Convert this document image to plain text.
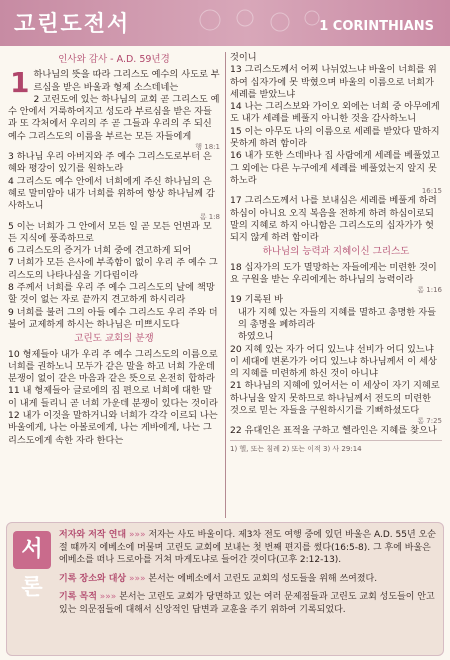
고린도전서	1 CORINTHIANS
인사와 감사 - A.D. 59년경
1 하나님의 뜻을 따라 그리스도 예수의 사도로 부르심을 받은 바울과 형제 소스데네는
2 고린도에 있는 하나님의 교회 곧 그리스도 예수 안에서 거룩하여지고 성도라 부르심을 받은 자들과 또 각처에서 우리의 주 곧 그들과 우리의 주 되신 예수 그리스도의 이름을 부르는 모든 자들에게
행 18:1
3 하나님 우리 아버지와 주 예수 그리스도로부터 은혜와 평강이 있기를 원하노라
4 그리스도 예수 안에서 너희에게 주신 하나님의 은혜로 말미암아 내가 너희를 위하여 항상 하나님께 감사하노니
롬 1:8
5 이는 너희가 그 안에서 모든 일 곧 모든 언변과 모든 지식에 풍족하므로
6 그리스도의 증거가 너희 중에 견고하게 되어
7 너희가 모든 은사에 부족함이 없이 우리 주 예수 그리스도의 나타나심을 기다림이라
8 주께서 너희를 우리 주 예수 그리스도의 날에 책망할 것이 없는 자로 끝까지 견고하게 하시리라
9 너희를 불러 그의 아들 예수 그리스도 우리 주와 더불어 교제하게 하시는 하나님은 미쁘시도다
고린도 교회의 분쟁
10 형제들아 내가 우리 주 예수 그리스도의 이름으로 너희를 권하노니 모두가 같은 말을 하고 너희 가운데 분쟁이 없이 같은 마음과 같은 뜻으로 온전히 합하라
11 내 형제들아 글로에의 집 편으로 너희에 대한 말이 내게 들리니 곧 너희 가운데 분쟁이 있다는 것이라
12 내가 이것을 말하거니와 너희가 각각 이르되 나는 바울에게, 나는 아볼로에게, 나는 게바에게, 나는 그리스도에게 속한 자라 한다는
것이니
13 그리스도께서 어찌 나뉘었느냐 바울이 너희를 위하여 십자가에 못 박혔으며 바울의 이름으로 너희가 세례를 받았느냐
14 나는 그리스보와 가이오 외에는 너희 중 아무에게도 내가 세례를 베풀지 아니한 것을 감사하노니
15 이는 아무도 나의 이름으로 세례를 받았다 말하지 못하게 하려 함이라
16 내가 또한 스데바나 집 사람에게 세례를 베풀었고 그 외에는 다른 누구에게 세례를 베풀었는지 알지 못하노라
16:15
17 그리스도께서 나를 보내심은 세례를 베풀게 하려 하심이 아니요 오직 복음을 전하게 하려 하심이로되 말의 지혜로 하지 아니함은 그리스도의 십자가가 헛되지 않게 하려 함이라
하나님의 능력과 지혜이신 그리스도
18 십자가의 도가 멸망하는 자들에게는 미련한 것이요 구원을 받는 우리에게는 하나님의 능력이라
롬 1:16
19 기록된 바
내가 지혜 있는 자들의 지혜를 멸하고 총명한 자들의 총명을 폐하리라
하였으니
20 지혜 있는 자가 어디 있느냐 선비가 어디 있느냐 이 세대에 변론가가 어디 있느냐 하나님께서 이 세상의 지혜를 미련하게 하신 것이 아니냐
21 하나님의 지혜에 있어서는 이 세상이 자기 지혜로 하나님을 알지 못하므로 하나님께서 전도의 미련한 것으로 믿는 자들을 구원하시기를 기뻐하셨도다
롬 7:25
22 유대인은 표적을 구하고 헬라인은 지혜를 찾으나
1) 헬, 또는 침례 2) 또는 이적 3) 사 29:14
서론
저자와 저작 연대 »»» 저자는 사도 바울이다. 제3차 전도 여행 중에 있던 바울은 A.D. 55년 오순절 때까지 에베소에 머물며 고린도 교회에 보내는 첫 번째 편지를 썼다(16:5-8). 그 후에 바울은 에베소를 떠나 드로아를 거쳐 마게도냐로 들어간 것이다(고후 2:12-13).
기록 장소와 대상 »»» 본서는 에베소에서 고린도 교회의 성도들을 위해 쓰여졌다.
기록 목적 »»» 본서는 고린도 교회가 당면하고 있는 여러 문제점들과 고린도 교회 성도들이 안고 있는 의문점들에 대해서 신앙적인 답변과 교훈을 주기 위하여 기록되었다.
